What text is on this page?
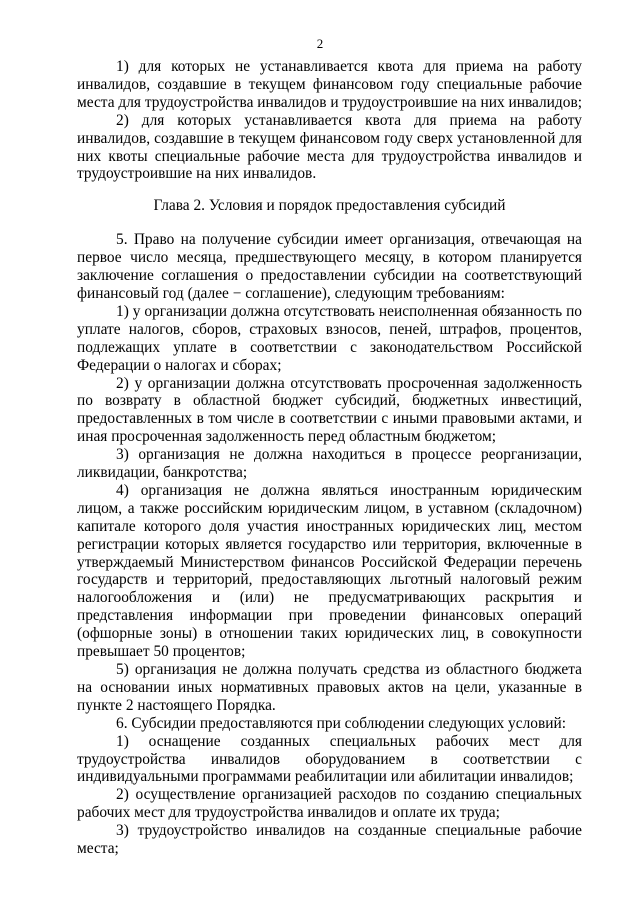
2

1) для которых не устанавливается квота для приема на работу инвалидов, создавшие в текущем финансовом году специальные рабочие места для трудоустройства инвалидов и трудоустроившие на них инвалидов;

2) для которых устанавливается квота для приема на работу инвалидов, создавшие в текущем финансовом году сверх установленной для них квоты специальные рабочие места для трудоустройства инвалидов и трудоустроившие на них инвалидов.

Глава 2. Условия и порядок предоставления субсидий

5. Право на получение субсидии имеет организация, отвечающая на первое число месяца, предшествующего месяцу, в котором планируется заключение соглашения о предоставлении субсидии на соответствующий финансовый год (далее − соглашение), следующим требованиям:

1) у организации должна отсутствовать неисполненная обязанность по уплате налогов, сборов, страховых взносов, пеней, штрафов, процентов, подлежащих уплате в соответствии с законодательством Российской Федерации о налогах и сборах;

2) у организации должна отсутствовать просроченная задолженность по возврату в областной бюджет субсидий, бюджетных инвестиций, предоставленных в том числе в соответствии с иными правовыми актами, и иная просроченная задолженность перед областным бюджетом;

3) организация не должна находиться в процессе реорганизации, ликвидации, банкротства;

4) организация не должна являться иностранным юридическим лицом, а также российским юридическим лицом, в уставном (складочном) капитале которого доля участия иностранных юридических лиц, местом регистрации которых является государство или территория, включенные в утверждаемый Министерством финансов Российской Федерации перечень государств и территорий, предоставляющих льготный налоговый режим налогообложения и (или) не предусматривающих раскрытия и представления информации при проведении финансовых операций (офшорные зоны) в отношении таких юридических лиц, в совокупности превышает 50 процентов;

5) организация не должна получать средства из областного бюджета на основании иных нормативных правовых актов на цели, указанные в пункте 2 настоящего Порядка.

6. Субсидии предоставляются при соблюдении следующих условий:

1) оснащение созданных специальных рабочих мест для трудоустройства инвалидов оборудованием в соответствии с индивидуальными программами реабилитации или абилитации инвалидов;

2) осуществление организацией расходов по созданию специальных рабочих мест для трудоустройства инвалидов и оплате их труда;

3) трудоустройство инвалидов на созданные специальные рабочие места;
